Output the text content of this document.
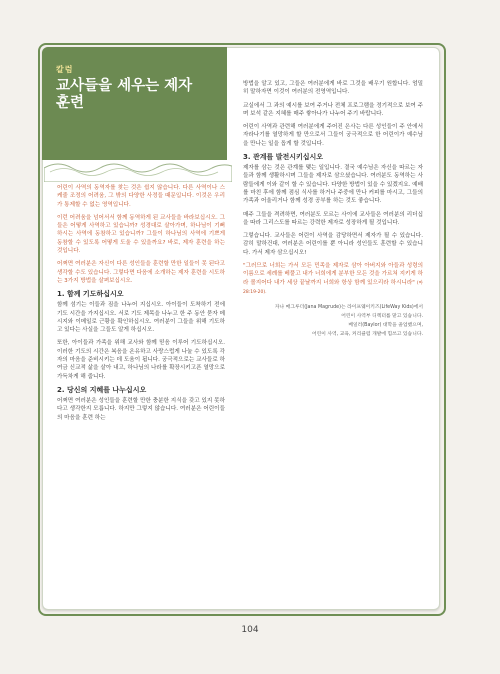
칼럼
교사들을 세우는 제자 훈련

어린이 사역의 동역자를 찾는 것은 쉽지 않습니다. 다른 사역이나 스케줄 조정의 어려움, 그 밖의 다양한 사정들 때문입니다. 이것은 우리가 통제할 수 없는 영역입니다.

이런 어려움을 넘어서서 함께 동역하게 된 교사들을 바라보십시오. 그들은 어떻게 사역하고 있습니까? 성경대로 살아가며, 하나님이 기뻐하시는 사역에 동참하고 있습니까? 그들이 하나님의 사역에 기쁘게 동참할 수 있도록 어떻게 도울 수 있을까요? 바로, 제자 훈련을 하는 것입니다.

어쩌면 여러분은 자신이 다른 성인들을 훈련할 만한 일들이 못 된다고 생각할 수도 있습니다. 그렇다면 다음에 소개하는 제자 훈련을 시도하는 3가지 방법을 살펴보십시오.

1. 함께 기도하십시오

함께 섬기는 이들과 짐을 나누어 지십시오. 아이들이 도착하기 전에 기도 시간을 가지십시오. 서로 기도 제목을 나누고 한 주 동안 묻자 메시지와 이메일로 근황을 확인하십시오. 여러분이 그들을 위해 기도하고 있다는 사실을 그들도 알게 하십시오.

또한, 아이들과 가족을 위해 교사와 함께 믿음 이루어 기도하십시오. 이러한 기도의 시간은 복음을 온유하고 사랑스럽게 나눌 수 있도록 각자의 마음을 준비시키는 데 도움이 됩니다. 궁극적으로는 교사들로 하여금 신교적 삶을 살아 내고, 하나님의 나라를 확장시키고픈 열망으로 가득차게 해 줍니다.

2. 당신의 지혜를 나누십시오

어쩌면 여러분은 성인들을 훈련할 만한 충분한 지식을 갖고 있지 못하다고 생각한지 모릅니다. 하지만 그렇지 않습니다. 여러분은 어린이들의 마음을 훈련 하는

방법을 알고 있고, 그들은 여러분에게 바로 그것을 배우기 원합니다. 엄밀히 말하자면 이것이 여러분의 전영역입니다.

교실에서 그 과의 예시를 보여 주거나 전체 프로그램을 정기적으로 보여 주며 보석 같은 지혜를 매주 쌓아나가 나누어 주기 바랍니다.

어린이 사역과 관련해 여러분에게 주어진 은사는 다른 성인들이 주 안에서 자라나기를 열망하게 할 만으로서 그들이 궁극적으로 한 어린이가 예수님을 만나는 일을 돕게 할 것입니다.

3. 관계를 발전시키십시오

제자를 삼는 것은 관계를 맺는 일입니다. 결국 예수님은 자신을 따르는 자들과 함께 생활하시며 그들을 제자로 삼으셨습니다. 여러분도 동역하는 사람들에게 이와 같이 할 수 있습니다. 다양한 방법이 있을 수 있겠지요. 예배를 마친 후에 함께 점심 식사를 하거나 주중에 만나 커피를 마시고, 그들의 가족과 어울리거나 함께 성경 공부를 하는 것도 좋습니다.

매주 그들을 격려하면, 여러분도 모르는 사이에 교사들은 여러분의 리더십을 따라 그리스도를 따르는 강력한 제자로 성장하게 될 것입니다.

그렇습니다. 교사들은 어린이 사역을 감당하면서 제자가 될 수 있습니다. 감히 말하건대, 여러분은 어린이를 뿐 아니라 성인들도 훈련할 수 있습니다. 가서 제자 삼으십시오!

"그러므로 너희는 가서 모든 민족을 제자로 삼아 아버지와 아들과 성령의 이름으로 세례를 베풀고 내가 너희에게 분부한 모든 것을 가르쳐 지키게 하라 볼지어다 내가 세상 끝날까지 너희와 항상 함께 있으리라 하시니라" (마 28:19-20).

자나 매그루더(Jana Magrude)는 라이프웨이키즈(LifeWay Kids)에서
어린이 사역부 디렉터를 맡고 있습니다.
베일러(Baylor) 대학을 졸업했으며,
어린이 사역, 교육, 커리큘럼 개발에 힘쓰고 있습니다.
104
